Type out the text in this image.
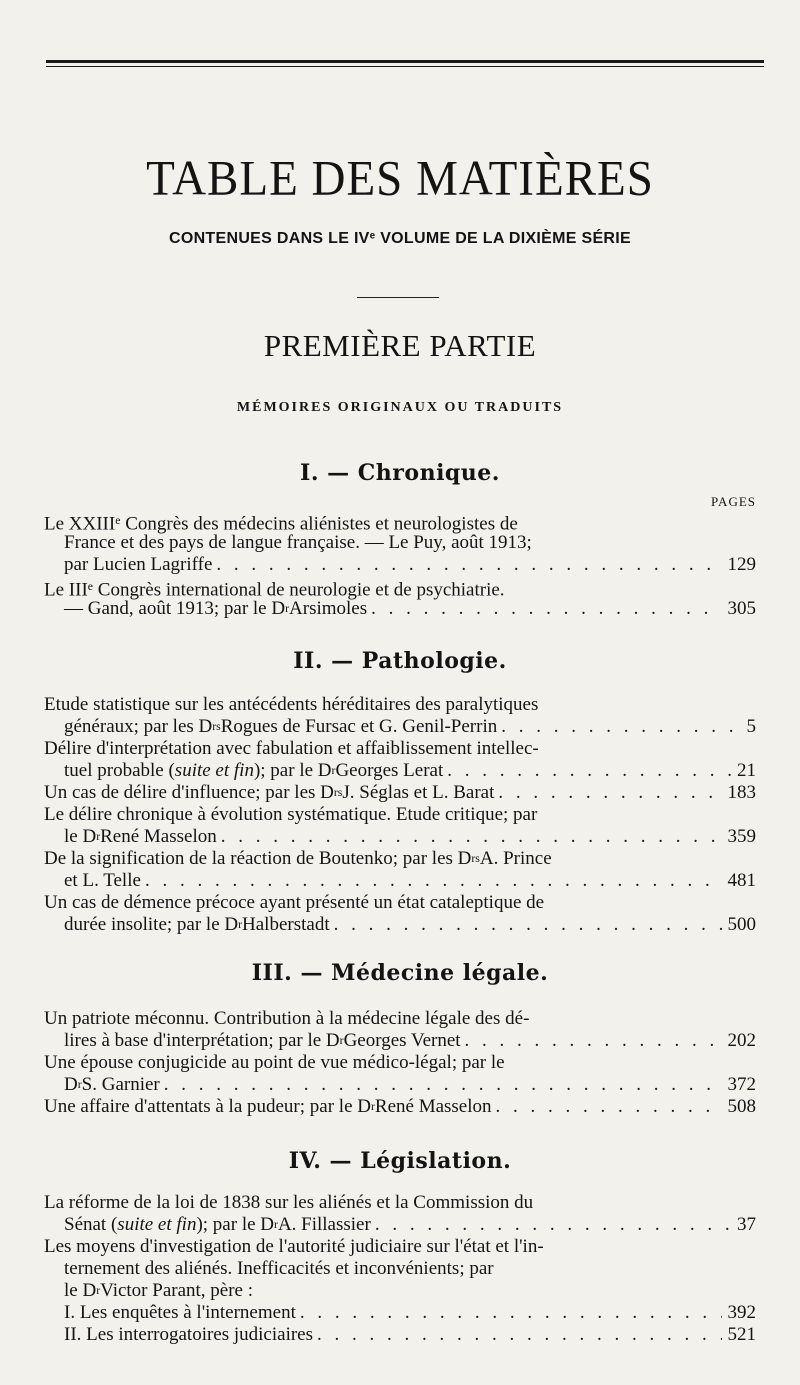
TABLE DES MATIÈRES
CONTENUES DANS LE IVe VOLUME DE LA DIXIÈME SÉRIE
PREMIÈRE PARTIE
MÉMOIRES ORIGINAUX OU TRADUITS
I. — Chronique.
PAGES
Le XXIIIe Congrès des médecins aliénistes et neurologistes de
France et des pays de langue française. — Le Puy, août 1913;
par Lucien Lagriffe . . .	129
Le IIIe Congrès international de neurologie et de psychiatrie.
— Gand, août 1913; par le D r Arsimoles . . .	305
II. — Pathologie.
Etude statistique sur les antécédents héréditaires des paralytiques
généraux; par les D rs Rogues de Fursac et G. Genil-Perrin . . .	5
Délire d'interprétation avec fabulation et affaiblissement intellec-
tuel probable ( suite et fin ); par le D r Georges Lerat . . .	21
Un cas de délire d'influence; par les D rs J. Séglas et L. Barat . . .	183
Le délire chronique à évolution systématique. Etude critique; par
le D r René Masselon . . .	359
De la signification de la réaction de Boutenko; par les D rs A. Prince
et L. Telle . . .	481
Un cas de démence précoce ayant présenté un état cataleptique de
durée insolite; par le D r Halberstadt . . .	500
III. — Médecine légale.
Un patriote méconnu. Contribution à la médecine légale des dé-
lires à base d'interprétation; par le D r Georges Vernet . . .	202
Une épouse conjugicide au point de vue médico-légal; par le
D r S. Garnier . . .	372
Une affaire d'attentats à la pudeur; par le D r René Masselon . . .	508
IV. — Législation.
La réforme de la loi de 1838 sur les aliénés et la Commission du
Sénat ( suite et fin ); par le D r A. Fillassier . . .	37
Les moyens d'investigation de l'autorité judiciaire sur l'état et l'in-
ternement des aliénés. Inefficacités et inconvénients; par
le D r Victor Parant, père :
I. Les enquêtes à l'internement . . .	392
II. Les interrogatoires judiciaires . . .	521
